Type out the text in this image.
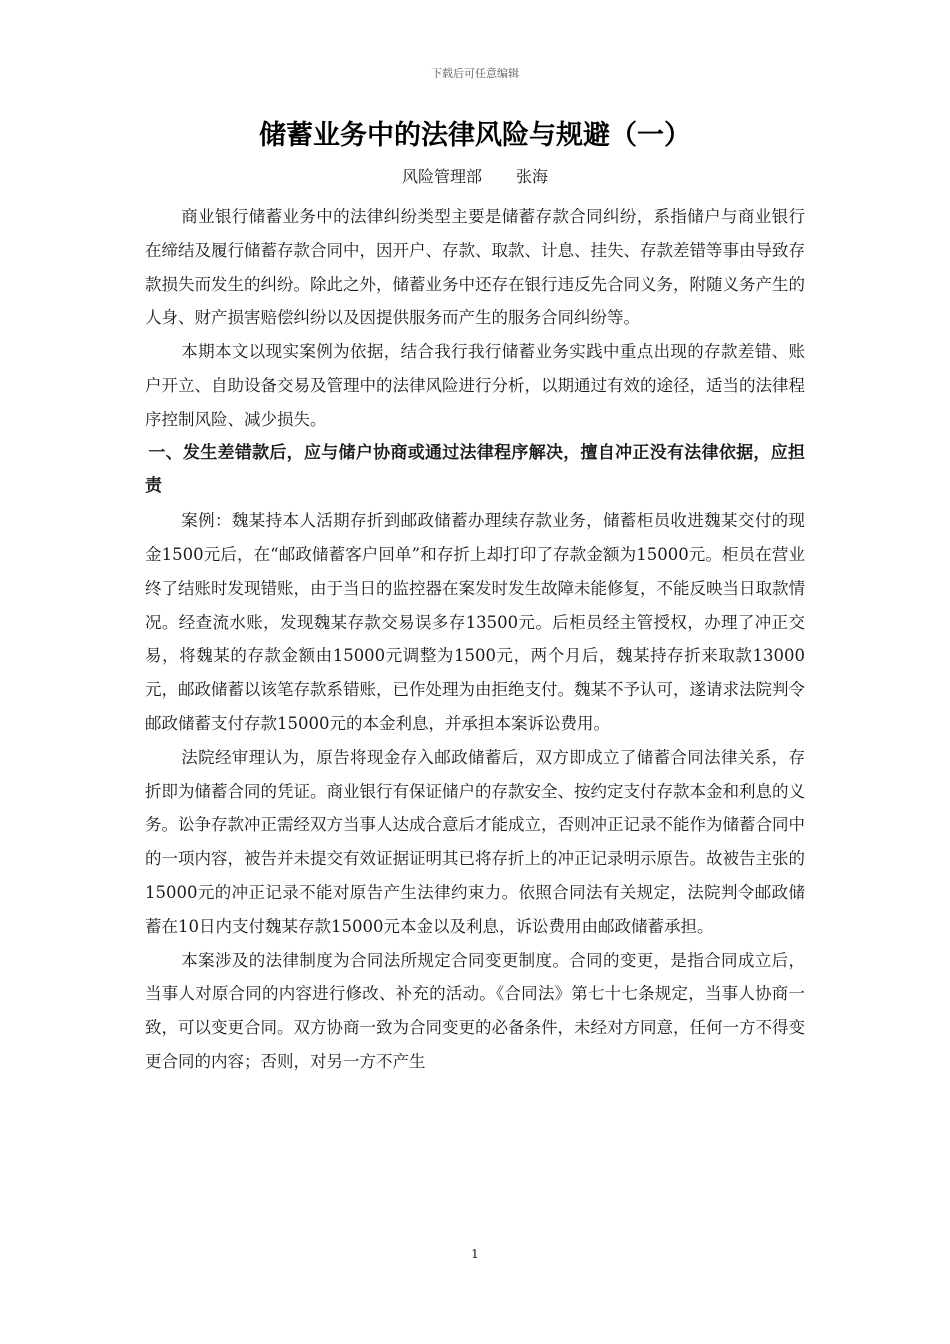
下载后可任意编辑
储蓄业务中的法律风险与规避（一）
风险管理部 张海

商业银行储蓄业务中的法律纠纷类型主要是储蓄存款合同纠纷，系指储户与商业银行在缔结及履行储蓄存款合同中，因开户、存款、取款、计息、挂失、存款差错等事由导致存款损失而发生的纠纷。除此之外，储蓄业务中还存在银行违反先合同义务，附随义务产生的人身、财产损害赔偿纠纷以及因提供服务而产生的服务合同纠纷等。

本期本文以现实案例为依据，结合我行我行储蓄业务实践中重点出现的存款差错、账户开立、自助设备交易及管理中的法律风险进行分析，以期通过有效的途径，适当的法律程序控制风险、减少损失。

一、发生差错款后，应与储户协商或通过法律程序解决，擅自冲正没有法律依据，应担责

案例：魏某持本人活期存折到邮政储蓄办理续存款业务，储蓄柜员收进魏某交付的现金1500元后，在“邮政储蓄客户回单”和存折上却打印了存款金额为15000元。柜员在营业终了结账时发现错账，由于当日的监控器在案发时发生故障未能修复，不能反映当日取款情况。经查流水账，发现魏某存款交易误多存13500元。后柜员经主管授权，办理了冲正交易，将魏某的存款金额由15000元调整为1500元，两个月后，魏某持存折来取款13000元，邮政储蓄以该笔存款系错账，已作处理为由拒绝支付。魏某不予认可，遂请求法院判令邮政储蓄支付存款15000元的本金利息，并承担本案诉讼费用。

法院经审理认为，原告将现金存入邮政储蓄后，双方即成立了储蓄合同法律关系，存折即为储蓄合同的凭证。商业银行有保证储户的存款安全、按约定支付存款本金和利息的义务。讼争存款冲正需经双方当事人达成合意后才能成立，否则冲正记录不能作为储蓄合同中的一项内容，被告并未提交有效证据证明其已将存折上的冲正记录明示原告。故被告主张的15000元的冲正记录不能对原告产生法律约束力。依照合同法有关规定，法院判令邮政储蓄在10日内支付魏某存款15000元本金以及利息，诉讼费用由邮政储蓄承担。

本案涉及的法律制度为合同法所规定合同变更制度。合同的变更，是指合同成立后，当事人对原合同的内容进行修改、补充的活动。《合同法》第七十七条规定，当事人协商一致，可以变更合同。双方协商一致为合同变更的必备条件，未经对方同意，任何一方不得变更合同的内容；否则，对另一方不产生

1
